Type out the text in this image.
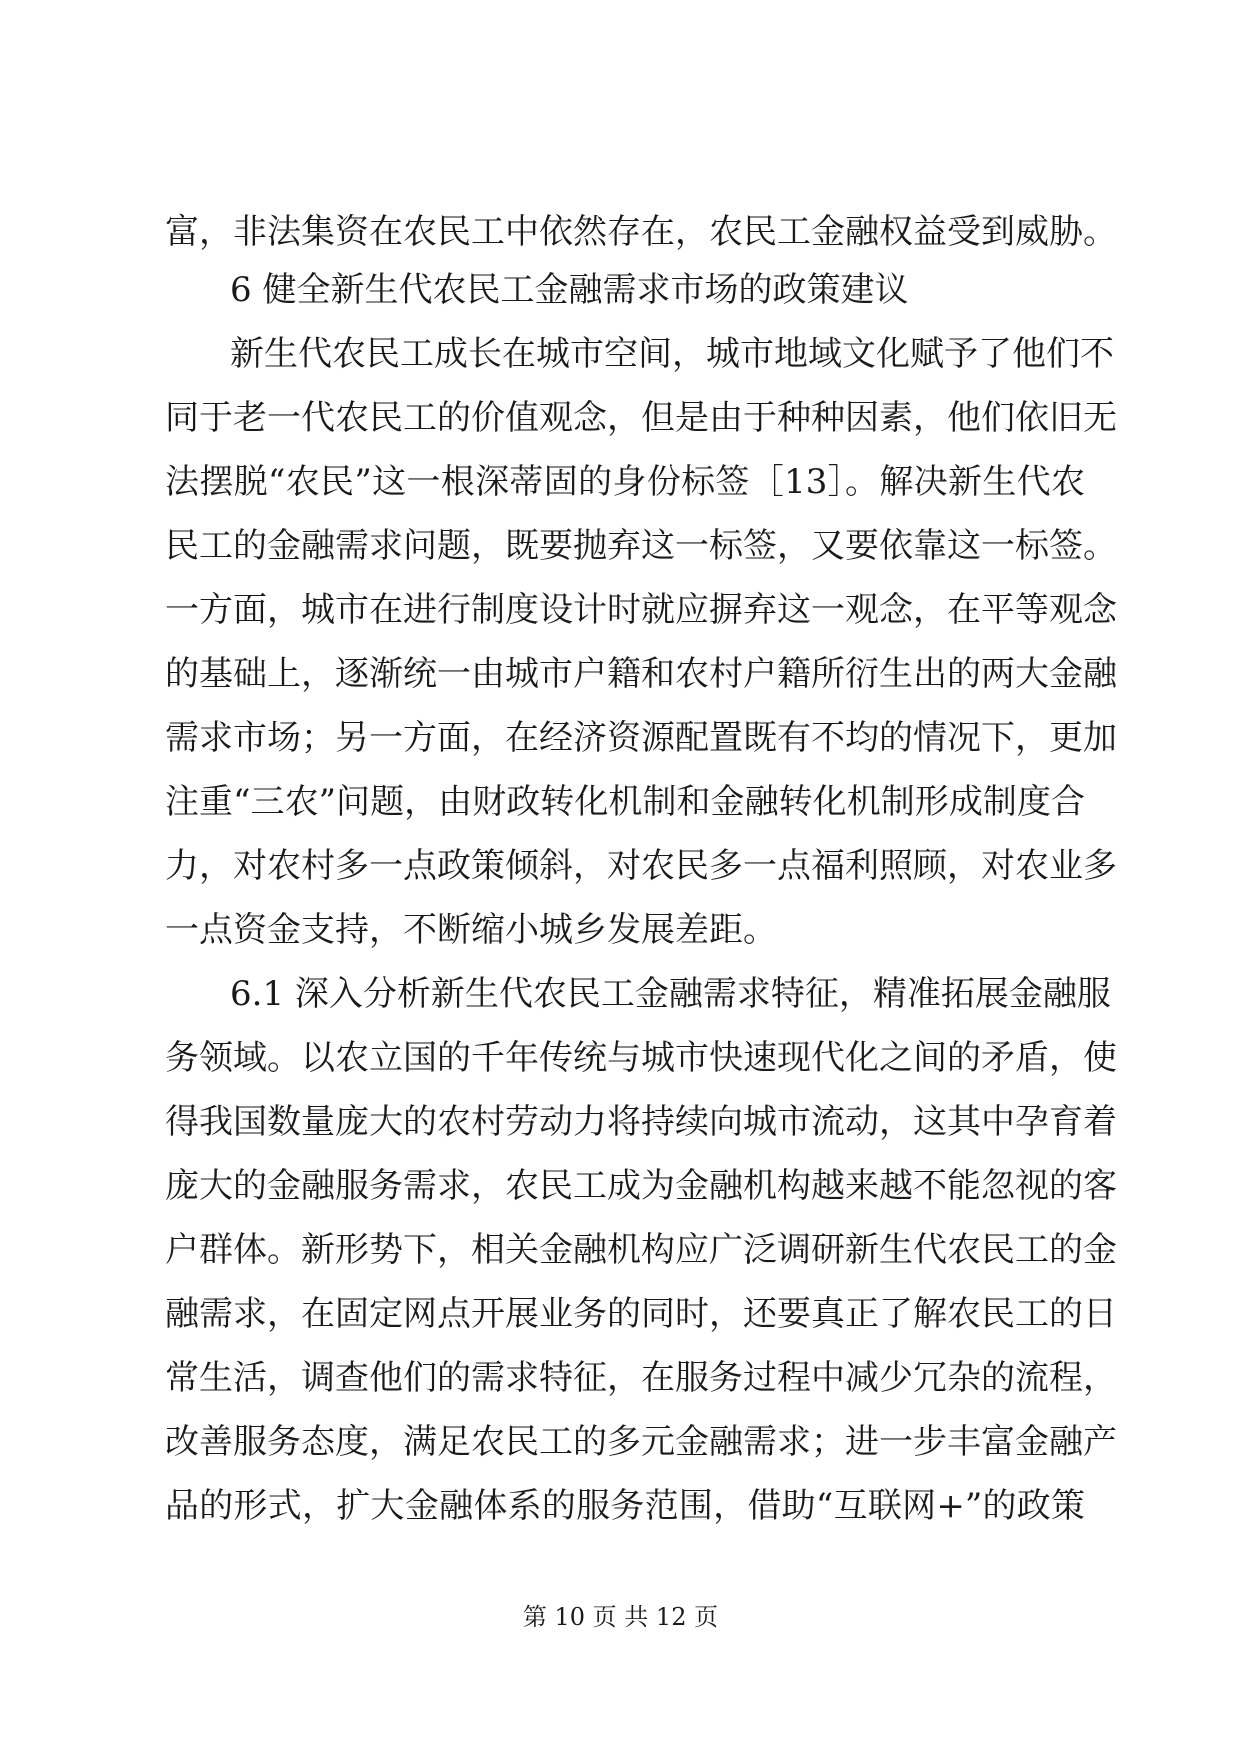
富，非法集资在农民工中依然存在，农民工金融权益受到威胁。
6 健全新生代农民工金融需求市场的政策建议
新生代农民工成长在城市空间，城市地域文化赋予了他们不
同于老一代农民工的价值观念，但是由于种种因素，他们依旧无
法摆脱“农民”这一根深蒂固的身份标签［13］。解决新生代农
民工的金融需求问题，既要抛弃这一标签，又要依靠这一标签。
一方面，城市在进行制度设计时就应摒弃这一观念，在平等观念
的基础上，逐渐统一由城市户籍和农村户籍所衍生出的两大金融
需求市场；另一方面，在经济资源配置既有不均的情况下，更加
注重“三农”问题，由财政转化机制和金融转化机制形成制度合
力，对农村多一点政策倾斜，对农民多一点福利照顾，对农业多
一点资金支持，不断缩小城乡发展差距。
6.1 深入分析新生代农民工金融需求特征，精准拓展金融服
务领域。以农立国的千年传统与城市快速现代化之间的矛盾，使
得我国数量庞大的农村劳动力将持续向城市流动，这其中孕育着
庞大的金融服务需求，农民工成为金融机构越来越不能忽视的客
户群体。新形势下，相关金融机构应广泛调研新生代农民工的金
融需求，在固定网点开展业务的同时，还要真正了解农民工的日
常生活，调查他们的需求特征，在服务过程中减少冗杂的流程，
改善服务态度，满足农民工的多元金融需求；进一步丰富金融产
品的形式，扩大金融体系的服务范围，借助“互联网+”的政策
第 10 页 共 12 页
